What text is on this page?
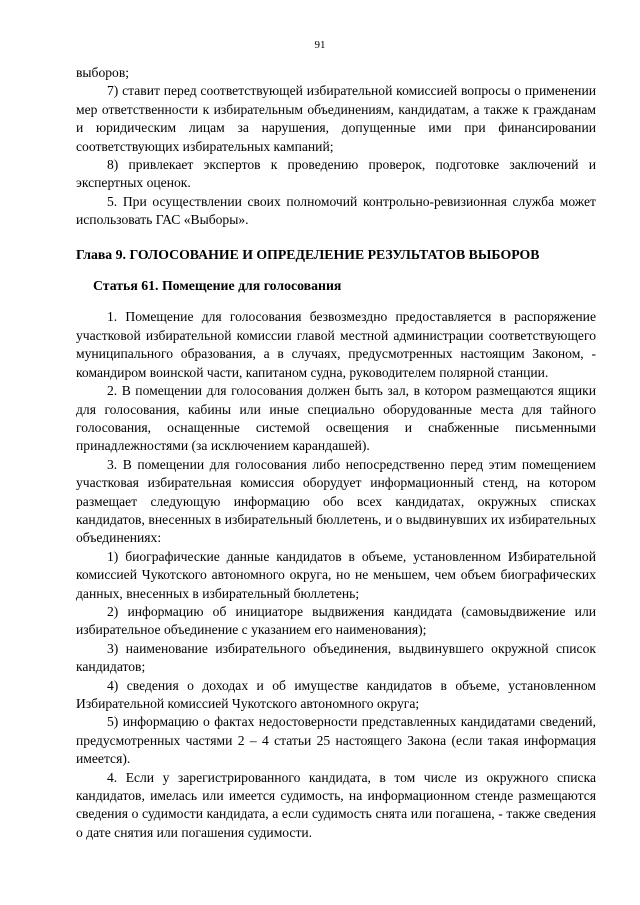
91

выборов;

7) ставит перед соответствующей избирательной комиссией вопросы о применении мер ответственности к избирательным объединениям, кандидатам, а также к гражданам и юридическим лицам за нарушения, допущенные ими при финансировании соответствующих избирательных кампаний;

8) привлекает экспертов к проведению проверок, подготовке заключений и экспертных оценок.

5. При осуществлении своих полномочий контрольно-ревизионная служба может использовать ГАС «Выборы».

Глава 9. ГОЛОСОВАНИЕ И ОПРЕДЕЛЕНИЕ РЕЗУЛЬТАТОВ ВЫБОРОВ

Статья 61. Помещение для голосования

1. Помещение для голосования безвозмездно предоставляется в распоряжение участковой избирательной комиссии главой местной администрации соответствующего муниципального образования, а в случаях, предусмотренных настоящим Законом, - командиром воинской части, капитаном судна, руководителем полярной станции.

2. В помещении для голосования должен быть зал, в котором размещаются ящики для голосования, кабины или иные специально оборудованные места для тайного голосования, оснащенные системой освещения и снабженные письменными принадлежностями (за исключением карандашей).

3. В помещении для голосования либо непосредственно перед этим помещением участковая избирательная комиссия оборудует информационный стенд, на котором размещает следующую информацию обо всех кандидатах, окружных списках кандидатов, внесенных в избирательный бюллетень, и о выдвинувших их избирательных объединениях:

1) биографические данные кандидатов в объеме, установленном Избирательной комиссией Чукотского автономного округа, но не меньшем, чем объем биографических данных, внесенных в избирательный бюллетень;

2) информацию об инициаторе выдвижения кандидата (самовыдвижение или избирательное объединение с указанием его наименования);

3) наименование избирательного объединения, выдвинувшего окружной список кандидатов;

4) сведения о доходах и об имуществе кандидатов в объеме, установленном Избирательной комиссией Чукотского автономного округа;

5) информацию о фактах недостоверности представленных кандидатами сведений, предусмотренных частями 2 – 4 статьи 25 настоящего Закона (если такая информация имеется).

4. Если у зарегистрированного кандидата, в том числе из окружного списка кандидатов, имелась или имеется судимость, на информационном стенде размещаются сведения о судимости кандидата, а если судимость снята или погашена, - также сведения о дате снятия или погашения судимости.
